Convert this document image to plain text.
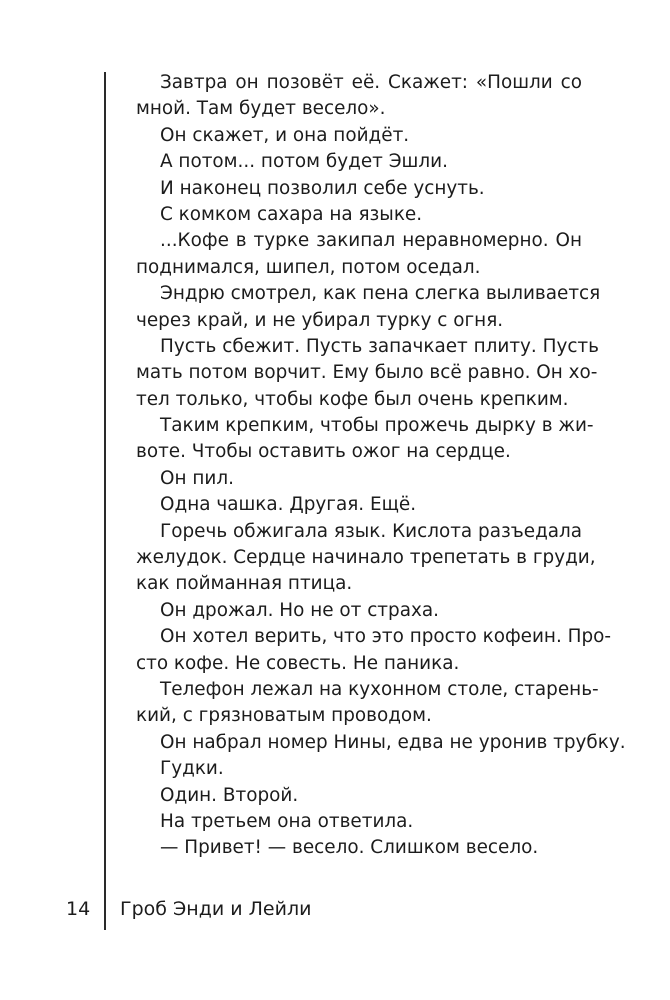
Завтра он позовёт её. Скажет: «Пошли со
мной. Там будет весело».
Он скажет, и она пойдёт.
А потом... потом будет Эшли.
И наконец позволил себе уснуть.
С комком сахара на языке.
...Кофе в турке закипал неравномерно. Он
поднимался, шипел, потом оседал.
Эндрю смотрел, как пена слегка выливается
через край, и не убирал турку с огня.
Пусть сбежит. Пусть запачкает плиту. Пусть
мать потом ворчит. Ему было всё равно. Он хо-
тел только, чтобы кофе был очень крепким.
Таким крепким, чтобы прожечь дырку в жи-
воте. Чтобы оставить ожог на сердце.
Он пил.
Одна чашка. Другая. Ещё.
Горечь обжигала язык. Кислота разъедала
желудок. Сердце начинало трепетать в груди,
как пойманная птица.
Он дрожал. Но не от страха.
Он хотел верить, что это просто кофеин. Про-
сто кофе. Не совесть. Не паника.
Телефон лежал на кухонном столе, старень-
кий, с грязноватым проводом.
Он набрал номер Нины, едва не уронив трубку.
Гудки.
Один. Второй.
На третьем она ответила.
— Привет! — весело. Слишком весело.
14 Гроб Энди и Лейли
